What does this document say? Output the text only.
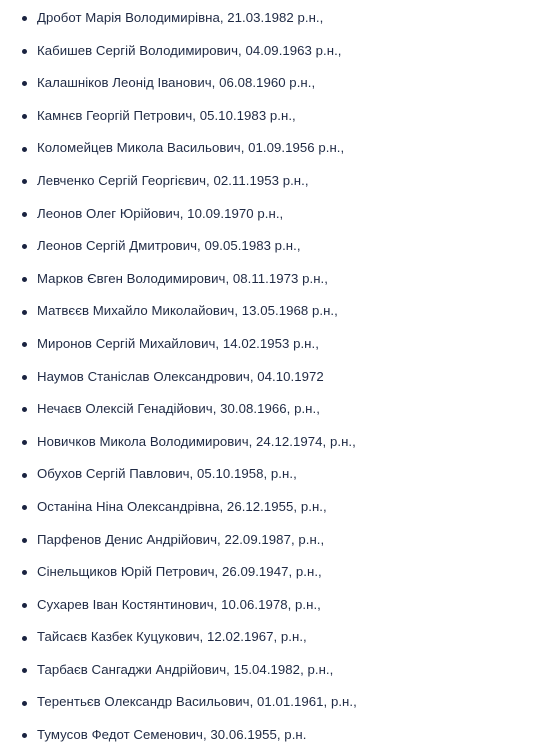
Дробот Марія Володимирівна, 21.03.1982 р.н.,
Кабишев Сергій Володимирович, 04.09.1963 р.н.,
Калашніков Леонід Іванович, 06.08.1960 р.н.,
Камнєв Георгій Петрович, 05.10.1983 р.н.,
Коломейцев Микола Васильович, 01.09.1956 р.н.,
Левченко Сергій Георгієвич, 02.11.1953 р.н.,
Леонов Олег Юрійович, 10.09.1970 р.н.,
Леонов Сергій Дмитрович, 09.05.1983 р.н.,
Марков Євген Володимирович, 08.11.1973 р.н.,
Матвєєв Михайло Миколайович, 13.05.1968 р.н.,
Миронов Сергій Михайлович, 14.02.1953 р.н.,
Наумов Станіслав Олександрович, 04.10.1972
Нечаєв Олексій Генадійович, 30.08.1966, р.н.,
Новичков Микола Володимирович, 24.12.1974, р.н.,
Обухов Сергій Павлович, 05.10.1958, р.н.,
Останіна Ніна Олександрівна, 26.12.1955, р.н.,
Парфенов Денис Андрійович, 22.09.1987, р.н.,
Сінельщиков Юрій Петрович, 26.09.1947, р.н.,
Сухарев Іван Костянтинович, 10.06.1978, р.н.,
Тайсаєв Казбек Куцукович, 12.02.1967, р.н.,
Тарбаєв Сангаджи Андрійович, 15.04.1982, р.н.,
Терентьєв Олександр Васильович, 01.01.1961, р.н.,
Тумусов Федот Семенович, 30.06.1955, р.н.
